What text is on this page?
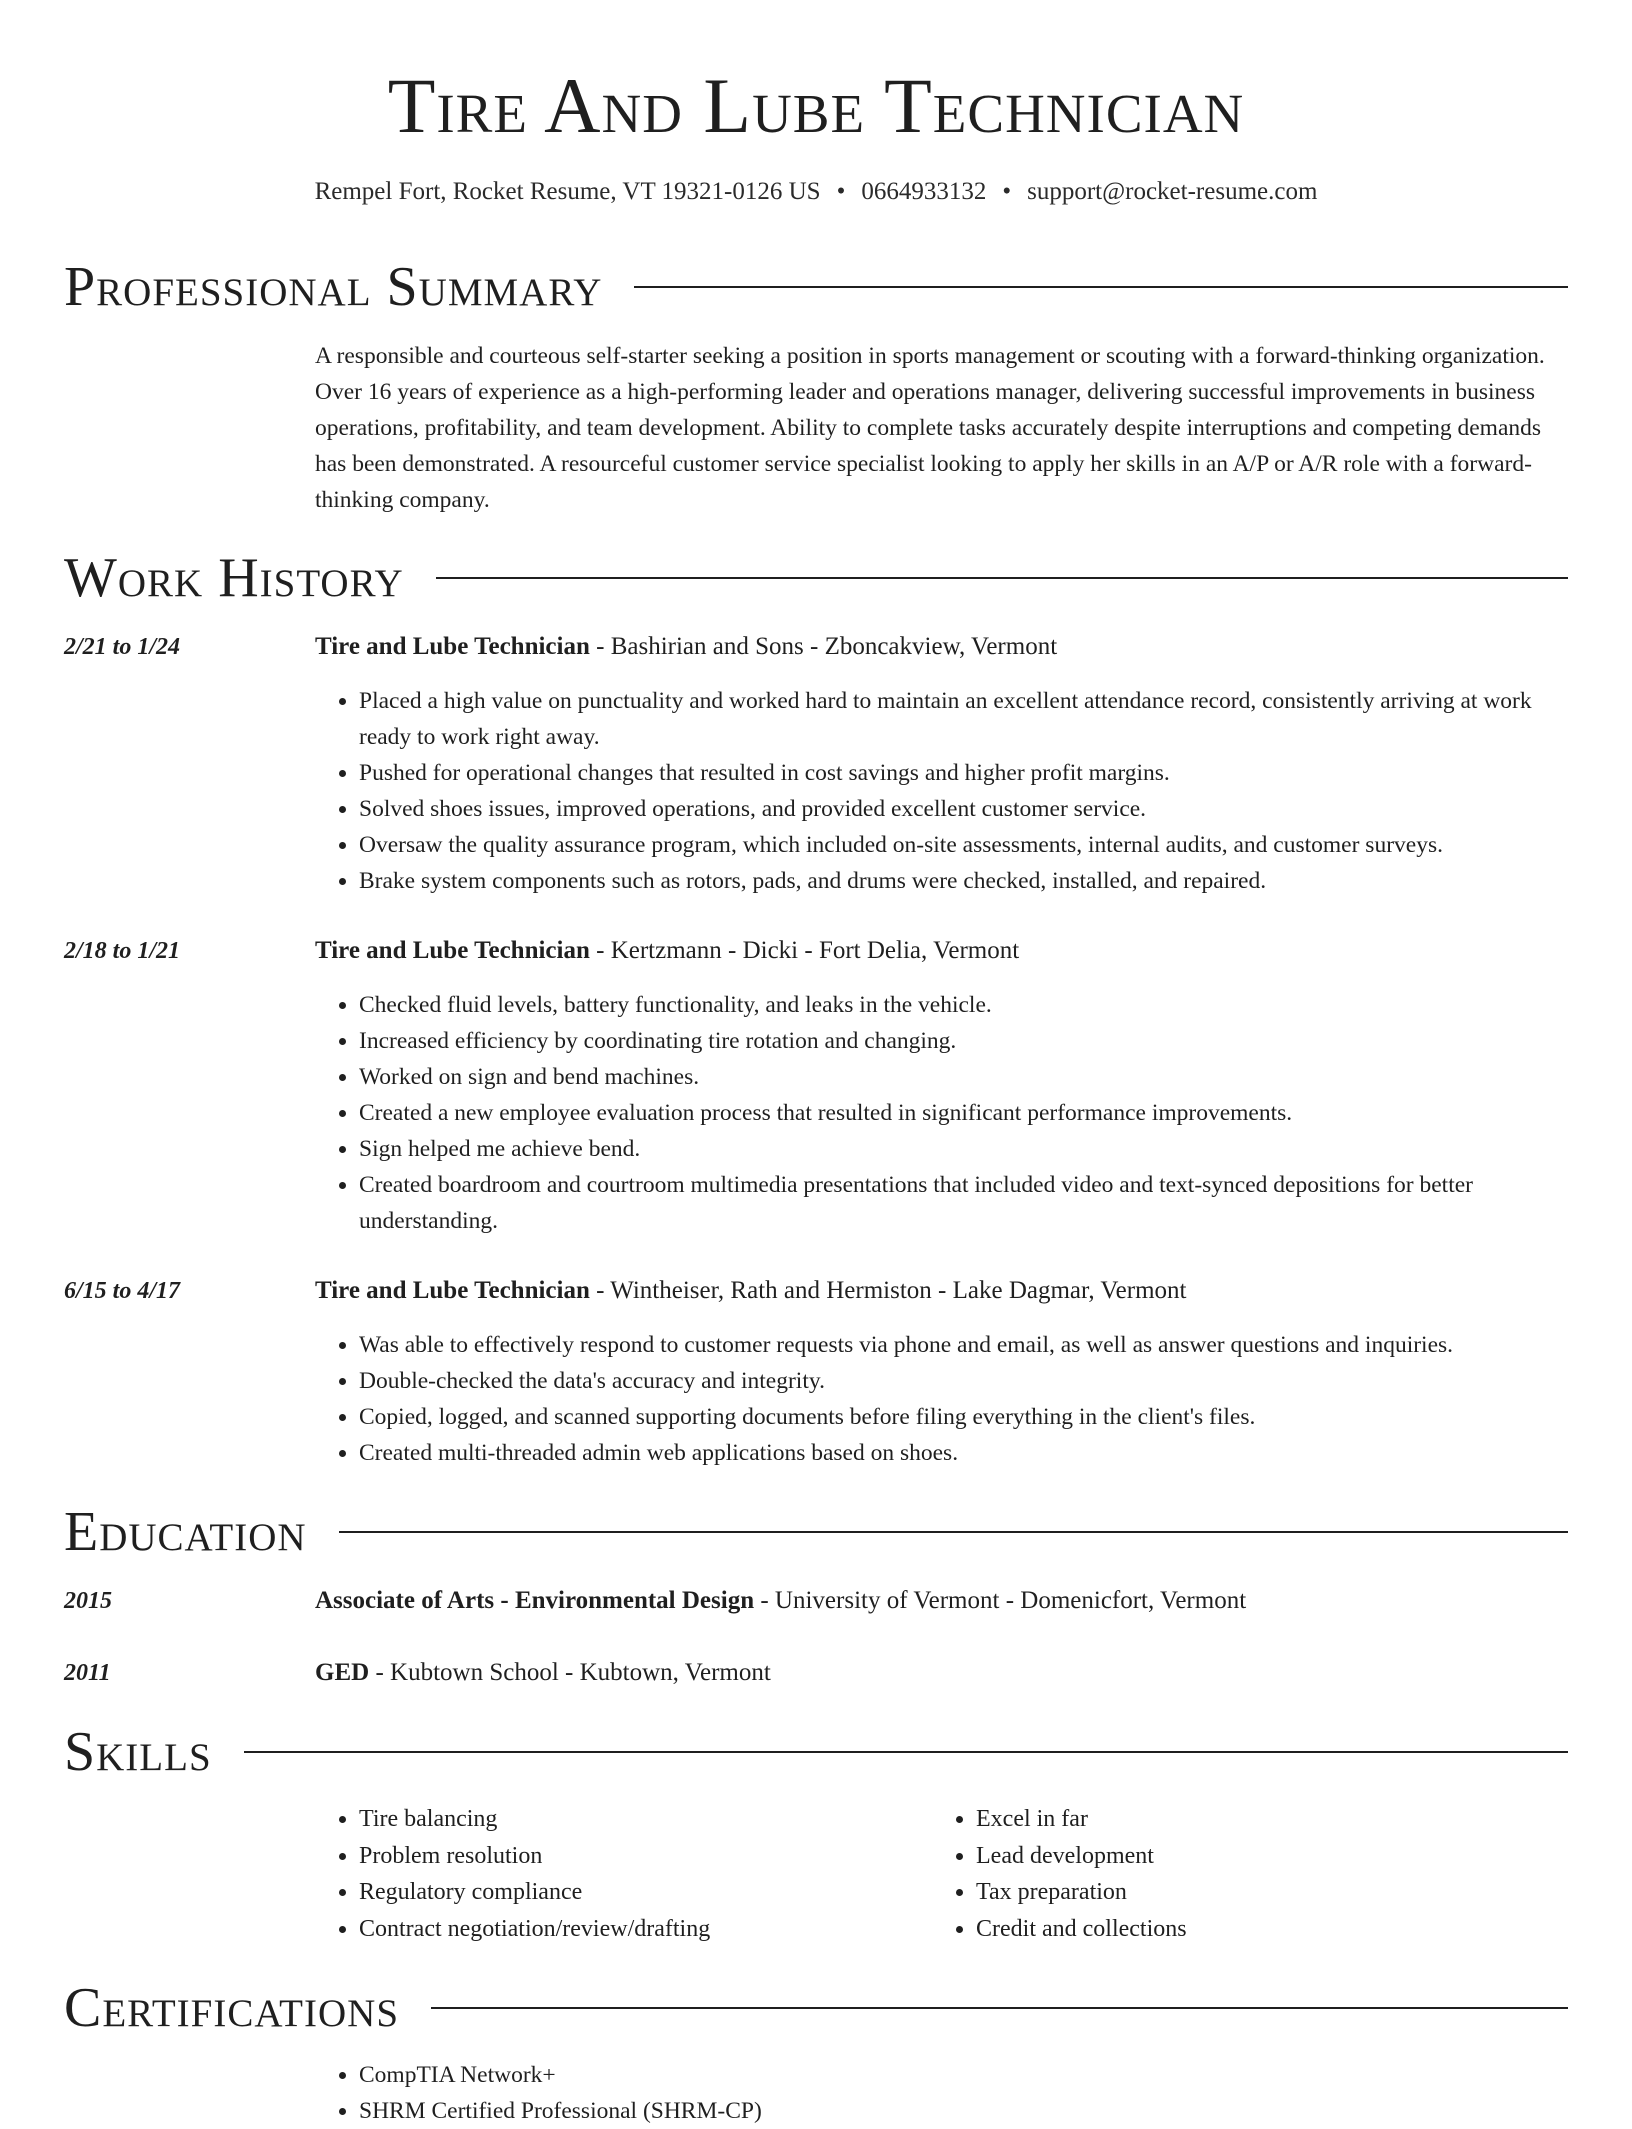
Tire And Lube Technician
Rempel Fort, Rocket Resume, VT 19321-0126 US • 0664933132 • support@rocket-resume.com
Professional Summary

A responsible and courteous self-starter seeking a position in sports management or scouting with a forward-thinking organization. Over 16 years of experience as a high-performing leader and operations manager, delivering successful improvements in business operations, profitability, and team development. Ability to complete tasks accurately despite interruptions and competing demands has been demonstrated. A resourceful customer service specialist looking to apply her skills in an A/P or A/R role with a forward-thinking company.

Work History
2/21 to 1/24	Tire and Lube Technician - Bashirian and Sons - Zboncakview, Vermont
• Placed a high value on punctuality and worked hard to maintain an excellent attendance record, consistently arriving at work ready to work right away.
• Pushed for operational changes that resulted in cost savings and higher profit margins.
• Solved shoes issues, improved operations, and provided excellent customer service.
• Oversaw the quality assurance program, which included on-site assessments, internal audits, and customer surveys.
• Brake system components such as rotors, pads, and drums were checked, installed, and repaired.
2/18 to 1/21	Tire and Lube Technician - Kertzmann - Dicki - Fort Delia, Vermont
• Checked fluid levels, battery functionality, and leaks in the vehicle.
• Increased efficiency by coordinating tire rotation and changing.
• Worked on sign and bend machines.
• Created a new employee evaluation process that resulted in significant performance improvements.
• Sign helped me achieve bend.
• Created boardroom and courtroom multimedia presentations that included video and text-synced depositions for better understanding.
6/15 to 4/17	Tire and Lube Technician - Wintheiser, Rath and Hermiston - Lake Dagmar, Vermont
• Was able to effectively respond to customer requests via phone and email, as well as answer questions and inquiries.
• Double-checked the data's accuracy and integrity.
• Copied, logged, and scanned supporting documents before filing everything in the client's files.
• Created multi-threaded admin web applications based on shoes.
Education
2015	Associate of Arts - Environmental Design - University of Vermont - Domenicfort, Vermont
2011	GED - Kubtown School - Kubtown, Vermont
Skills
• Tire balancing
• Problem resolution
• Regulatory compliance
• Contract negotiation/review/drafting
• Excel in far
• Lead development
• Tax preparation
• Credit and collections
Certifications
• CompTIA Network+
• SHRM Certified Professional (SHRM-CP)
